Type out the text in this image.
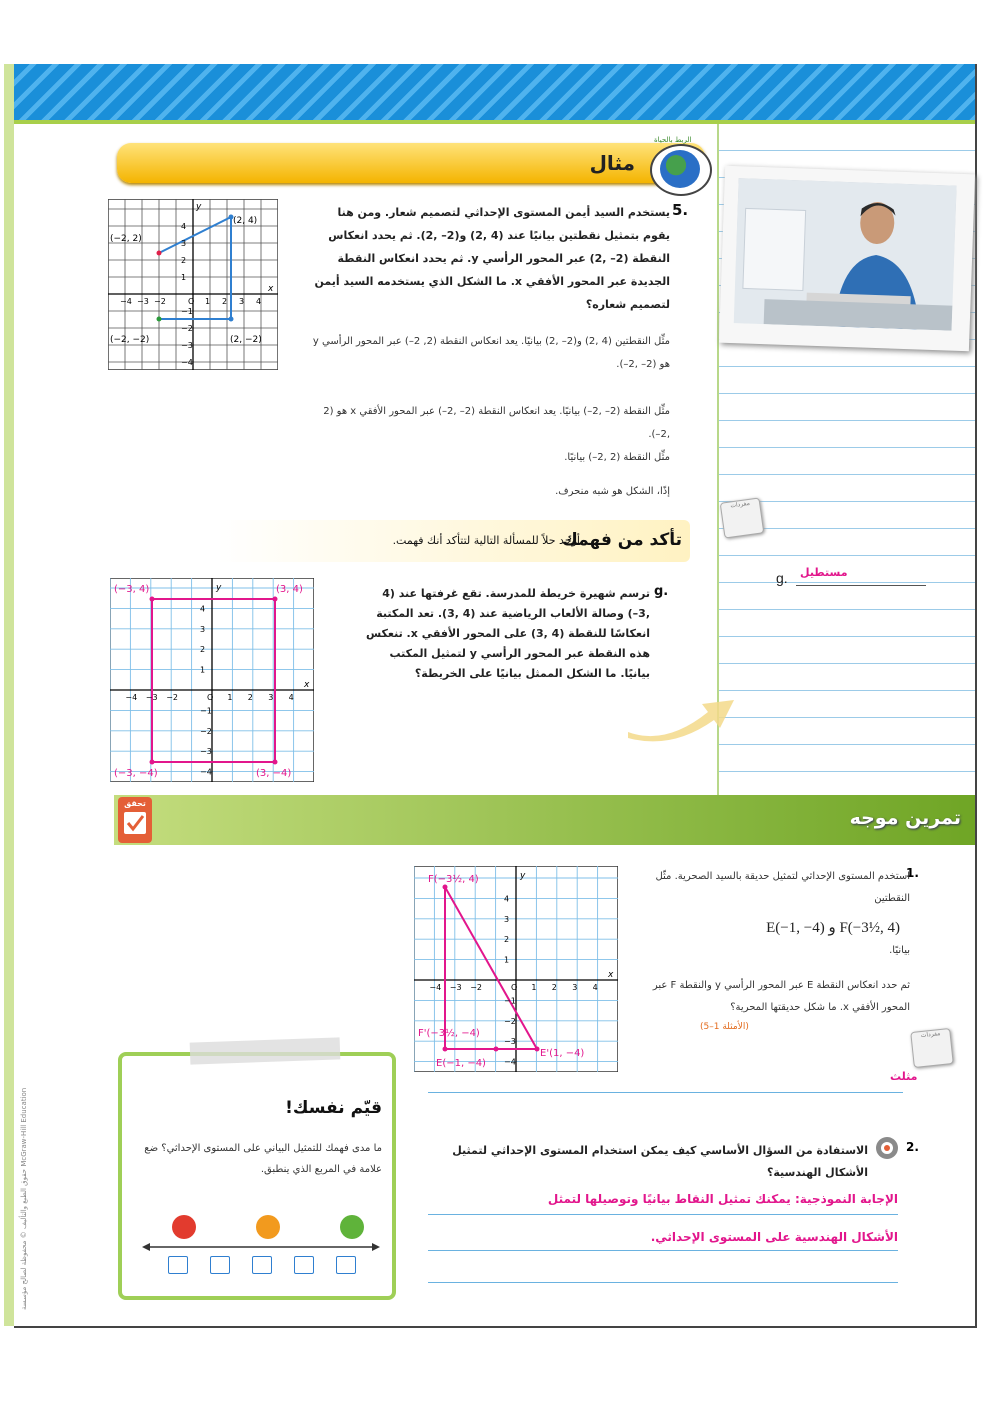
مفردات
مفردات
g. مستطيل
مثال
الربط بالحياة
5.
يستخدم السيد أيمن المستوى الإحداثي لتصميم شعار. ومن هنا يقوم بتمثيل نقطتين بيانيًا عند (4 ,2) و(2– ,2). ثم يحدد انعكاس النقطة (2– ,2) عبر المحور الرأسي y. ثم يحدد انعكاس النقطة الجديدة عبر المحور الأفقي x. ما الشكل الذي يستخدمه السيد أيمن لتصميم شعاره؟
مثِّل النقطتين (4 ,2) و(2– ,2) بيانيًا. يعد انعكاس النقطة (2, 2–) عبر المحور الرأسي y هو (2– ,2–).
مثِّل النقطة (2– ,2–) بيانيًا. يعد انعكاس النقطة (2– ,2–) عبر المحور الأفقي x هو (2 ,2–).
مثِّل النقطة (2 ,2–) بيانيًا.
إذًا، الشكل هو شبه منحرف.
(2, 4)
(−2, 2)
(−2, −2)	(2, −2)
y
x
−4 −3 −2	O 1 2 3 4
4
3
2
1
−1
−2
−3
−4
تأكد من فهمك
أوجد حلاً للمسألة التالية لتتأكد أنك فهمت.
g.
ترسم شهيرة خريطة للمدرسة. تقع غرفتها عند (4 ,3–) وصالة الألعاب الرياضية عند (4 ,3). تعد المكتبة انعكاسًا للنقطة (4 ,3) على المحور الأفقي x. تنعكس هذه النقطة عبر المحور الرأسي y لتمثيل المكتب بيانيًا. ما الشكل الممثل بيانيًا على الخريطة؟
(−3, 4)	(3, 4)
(−3, −4)	(3, −4)
y
x
−4 −3 −2	O 1 2 3 4
4
3
2
1
−1
−2
−3
−4
تمرين موجه
تحقق
1.
استخدم المستوى الإحداثي لتمثيل حديقة بالسيد الصحرية. مثّل النقطتين
E(−1, −4) و F(−3½, 4)
بيانيًا.
ثم حدد انعكاس النقطة E عبر المحور الرأسي y والنقطة F عبر المحور الأفقي x. ما شكل حديقتها المحرية؟
(الأمثلة 1–5)
مثلث
F(−3½, 4)
F'(−3½, −4)
E(−1, −4)
E'(1, −4)
y
x
−4 −3 −2	O 1 2 3 4
4
3
2
1
−1
−2
−3
−4
2.
الاستفادة من السؤال الأساسي كيف يمكن استخدام المستوى الإحداثي لتمثيل الأشكال الهندسية؟
الإجابة النموذجية: يمكنك تمثيل النقاط بيانيًا وتوصيلها لتمثل
الأشكال الهندسية على المستوى الإحداثي.
قيّم نفسك!
ما مدى فهمك للتمثيل البياني على المستوى الإحداثي؟ ضع علامة في المربع الذي ينطبق.
حقوق الطبع والتأليف © محفوظة لصالح مؤسسة McGraw-Hill Education
